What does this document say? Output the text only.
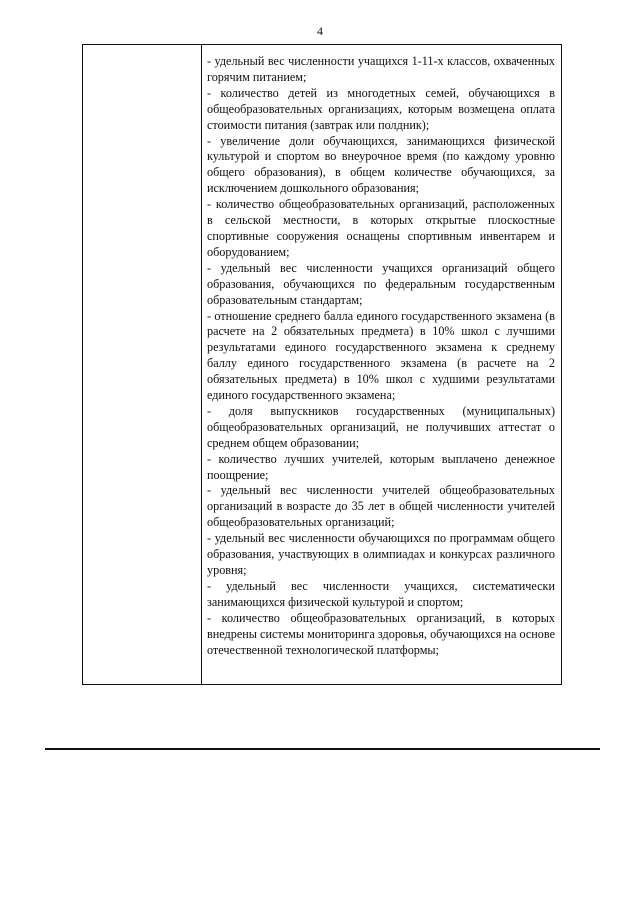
4

- удельный вес численности учащихся 1-11-х классов, охваченных горячим питанием;

- количество детей из многодетных семей, обучающихся в общеобразовательных организациях, которым возмещена оплата стоимости питания (завтрак или полдник);

- увеличение доли обучающихся, занимающихся физической культурой и спортом во внеурочное время (по каждому уровню общего образования), в общем количестве обучающихся, за исключением дошкольного образования;

- количество общеобразовательных организаций, расположенных в сельской местности, в которых открытые плоскостные спортивные сооружения оснащены спортивным инвентарем и оборудованием;

- удельный вес численности учащихся организаций общего образования, обучающихся по федеральным государственным образовательным стандартам;

- отношение среднего балла единого государственного экзамена (в расчете на 2 обязательных предмета) в 10% школ с лучшими результатами единого государственного экзамена к среднему баллу единого государственного экзамена (в расчете на 2 обязательных предмета) в 10% школ с худшими результатами единого государственного экзамена;

- доля выпускников государственных (муниципальных) общеобразовательных организаций, не получивших аттестат о среднем общем образовании;

- количество лучших учителей, которым выплачено денежное поощрение;

- удельный вес численности учителей общеобразовательных организаций в возрасте до 35 лет в общей численности учителей общеобразовательных организаций;

- удельный вес численности обучающихся по программам общего образования, участвующих в олимпиадах и конкурсах различного уровня;

- удельный вес численности учащихся, систематически занимающихся физической культурой и спортом;

- количество общеобразовательных организаций, в которых внедрены системы мониторинга здоровья, обучающихся на основе отечественной технологической платформы;
